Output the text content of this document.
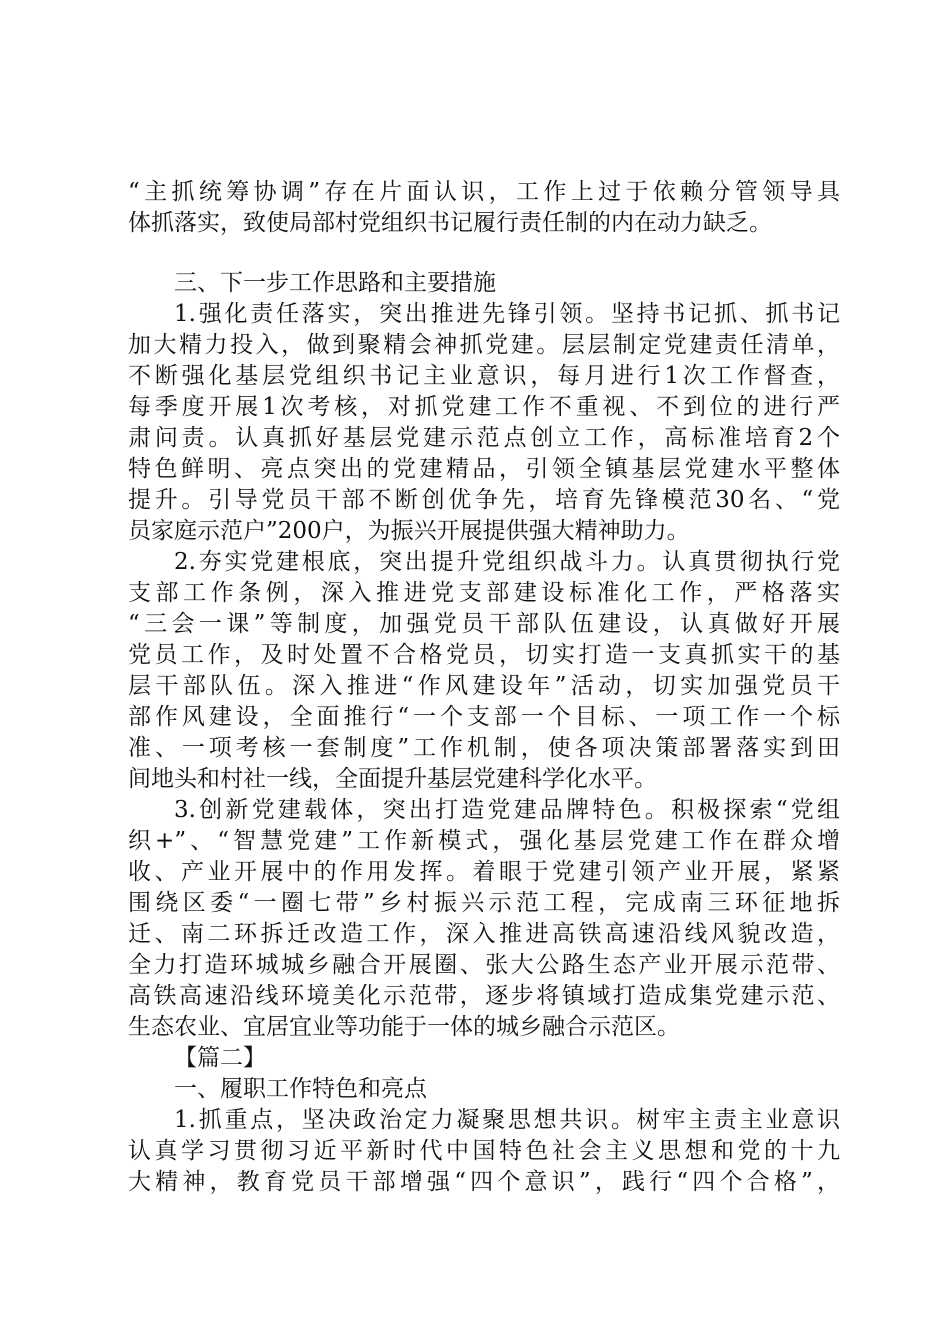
“主抓统筹协调”存在片面认识，工作上过于依赖分管领导具
体抓落实，致使局部村党组织书记履行责任制的内在动力缺乏。
三、下一步工作思路和主要措施
1.强化责任落实，突出推进先锋引领。坚持书记抓、抓书记
加大精力投入，做到聚精会神抓党建。层层制定党建责任清单，
不断强化基层党组织书记主业意识，每月进行1次工作督查，
每季度开展1次考核，对抓党建工作不重视、不到位的进行严
肃问责。认真抓好基层党建示范点创立工作，高标准培育2个
特色鲜明、亮点突出的党建精品，引领全镇基层党建水平整体
提升。引导党员干部不断创优争先，培育先锋模范30名、“党
员家庭示范户”200户，为振兴开展提供强大精神助力。
2.夯实党建根底，突出提升党组织战斗力。认真贯彻执行党
支部工作条例，深入推进党支部建设标准化工作，严格落实
“三会一课”等制度，加强党员干部队伍建设，认真做好开展
党员工作，及时处置不合格党员，切实打造一支真抓实干的基
层干部队伍。深入推进“作风建设年”活动，切实加强党员干
部作风建设，全面推行“一个支部一个目标、一项工作一个标
准、一项考核一套制度”工作机制，使各项决策部署落实到田
间地头和村社一线，全面提升基层党建科学化水平。
3.创新党建载体，突出打造党建品牌特色。积极探索“党组
织+”、“智慧党建”工作新模式，强化基层党建工作在群众增
收、产业开展中的作用发挥。着眼于党建引领产业开展，紧紧
围绕区委“一圈七带”乡村振兴示范工程，完成南三环征地拆
迁、南二环拆迁改造工作，深入推进高铁高速沿线风貌改造，
全力打造环城城乡融合开展圈、张大公路生态产业开展示范带、
高铁高速沿线环境美化示范带，逐步将镇域打造成集党建示范、
生态农业、宜居宜业等功能于一体的城乡融合示范区。
【篇二】
一、履职工作特色和亮点
1.抓重点，坚决政治定力凝聚思想共识。树牢主责主业意识
认真学习贯彻习近平新时代中国特色社会主义思想和党的十九
大精神，教育党员干部增强“四个意识”，践行“四个合格”，
